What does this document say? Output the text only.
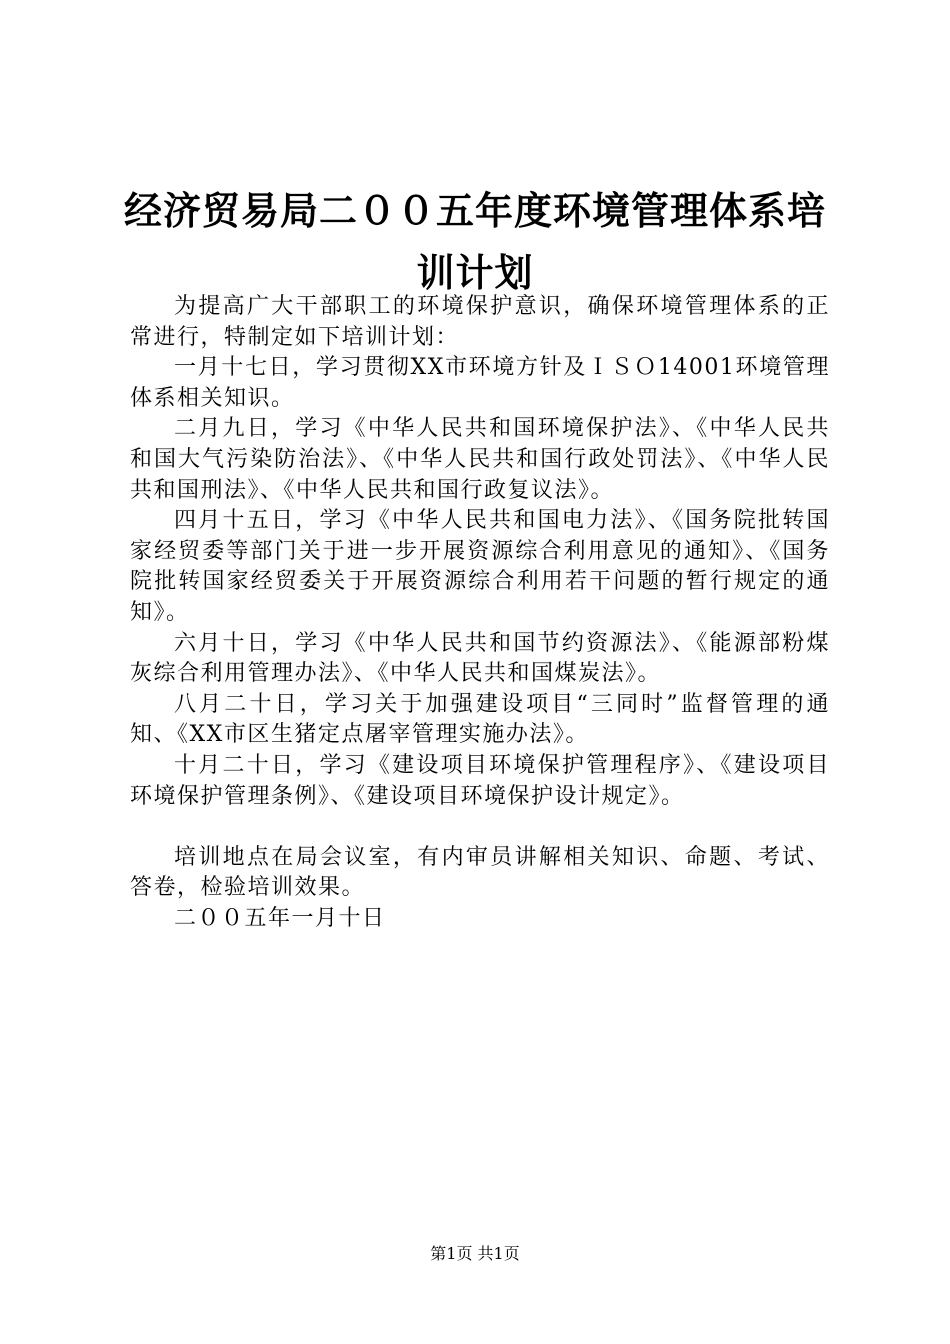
经济贸易局二００五年度环境管理体系培训计划

为提高广大干部职工的环境保护意识，确保环境管理体系的正常进行，特制定如下培训计划：

一月十七日，学习贯彻XX市环境方针及ＩＳＯ14001环境管理体系相关知识。

二月九日，学习《中华人民共和国环境保护法》、《中华人民共和国大气污染防治法》、《中华人民共和国行政处罚法》、《中华人民共和国刑法》、《中华人民共和国行政复议法》。

四月十五日，学习《中华人民共和国电力法》、《国务院批转国家经贸委等部门关于进一步开展资源综合利用意见的通知》、《国务院批转国家经贸委关于开展资源综合利用若干问题的暂行规定的通知》。

六月十日，学习《中华人民共和国节约资源法》、《能源部粉煤灰综合利用管理办法》、《中华人民共和国煤炭法》。

八月二十日，学习关于加强建设项目“三同时”监督管理的通知、《XX市区生猪定点屠宰管理实施办法》。

十月二十日，学习《建设项目环境保护管理程序》、《建设项目环境保护管理条例》、《建设项目环境保护设计规定》。

培训地点在局会议室，有内审员讲解相关知识、命题、考试、答卷，检验培训效果。

二００五年一月十日

第1页 共1页
